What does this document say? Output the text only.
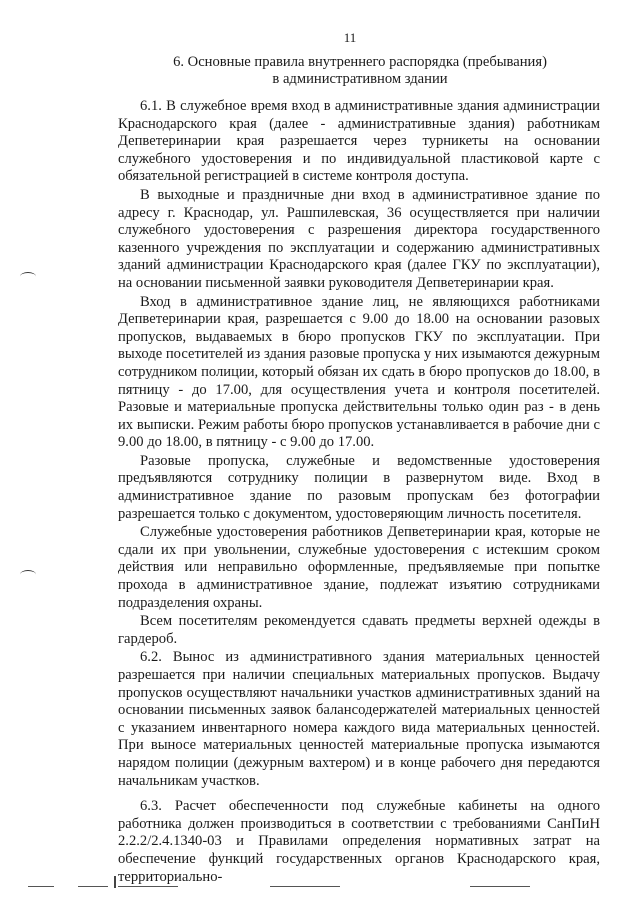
11
6. Основные правила внутреннего распорядка (пребывания)
в административном здании

6.1. В служебное время вход в административные здания администрации Краснодарского края (далее - административные здания) работникам Депветеринарии края разрешается через турникеты на основании служебного удостоверения и по индивидуальной пластиковой карте с обязательной регистрацией в системе контроля доступа.

В выходные и праздничные дни вход в административное здание по адресу г. Краснодар, ул. Рашпилевская, 36 осуществляется при наличии служебного удостоверения с разрешения директора государственного казенного учреждения по эксплуатации и содержанию административных зданий администрации Краснодарского края (далее ГКУ по эксплуатации), на основании письменной заявки руководителя Депветеринарии края.

Вход в административное здание лиц, не являющихся работниками Депветеринарии края, разрешается с 9.00 до 18.00 на основании разовых пропусков, выдаваемых в бюро пропусков ГКУ по эксплуатации. При выходе посетителей из здания разовые пропуска у них изымаются дежурным сотрудником полиции, который обязан их сдать в бюро пропусков до 18.00, в пятницу - до 17.00, для осуществления учета и контроля посетителей. Разовые и материальные пропуска действительны только один раз - в день их выписки. Режим работы бюро пропусков устанавливается в рабочие дни с 9.00 до 18.00, в пятницу - с 9.00 до 17.00.

Разовые пропуска, служебные и ведомственные удостоверения предъявляются сотруднику полиции в развернутом виде. Вход в административное здание по разовым пропускам без фотографии разрешается только с документом, удостоверяющим личность посетителя.

Служебные удостоверения работников Депветеринарии края, которые не сдали их при увольнении, служебные удостоверения с истекшим сроком действия или неправильно оформленные, предъявляемые при попытке прохода в административное здание, подлежат изъятию сотрудниками подразделения охраны.

Всем посетителям рекомендуется сдавать предметы верхней одежды в гардероб.

6.2. Вынос из административного здания материальных ценностей разрешается при наличии специальных материальных пропусков. Выдачу пропусков осуществляют начальники участков административных зданий на основании письменных заявок балансодержателей материальных ценностей с указанием инвентарного номера каждого вида материальных ценностей. При выносе материальных ценностей материальные пропуска изымаются нарядом полиции (дежурным вахтером) и в конце рабочего дня передаются начальникам участков.

6.3. Расчет обеспеченности под служебные кабинеты на одного работника должен производиться в соответствии с требованиями СанПиН 2.2.2/2.4.1340-03 и Правилами определения нормативных затрат на обеспечение функций государственных органов Краснодарского края, территориально-
